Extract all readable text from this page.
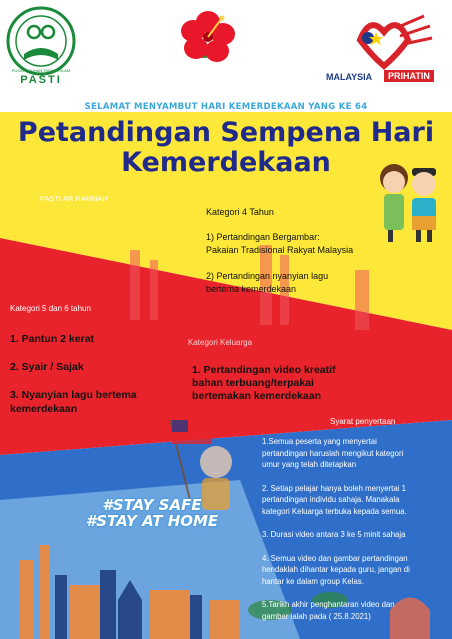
PUSAT ASUHAN TADIKA ISLAM
PASTI	MALAYSIA	PRIHATIN
SELAMAT MENYAMBUT HARI KEMERDEKAAN YANG KE 64
Petandingan Sempena Hari
Kemerdekaan
PASTI AR RAHMAH
Kategori 4 Tahun
1) Pertandingan Bergambar:
Pakaian Tradisional Rakyat Malaysia
2) Pertandingan nyanyian lagu
bertema kemerdekaan
Kategori 5 dan 6 tahun
1. Pantun 2 kerat
2. Syair / Sajak
3. Nyanyian lagu bertema
kemerdekaan
Kategori Keluarga
1. Pertandingan video kreatif
bahan terbuang/terpakai
bertemakan kemerdekaan
Syarat penyertaan
1.Semua peserta yang menyertai
pertandingan haruslah mengikut kategori
umur yang telah ditetapkan
2. Setiap pelajar hanya boleh menyertai 1
pertandingan individu sahaja. Manakala
kategori Keluarga terbuka kepada semua.
3. Durasi video antara 3 ke 5 minit sahaja
4. Semua video dan gambar pertandingan
hendaklah dihantar kepada guru, jangan di
hantar ke dalam group Kelas.
5.Tarikh akhir penghantaran video dan
gambar ialah pada ( 25.8.2021)
#STAY SAFE
#STAY AT HOME
